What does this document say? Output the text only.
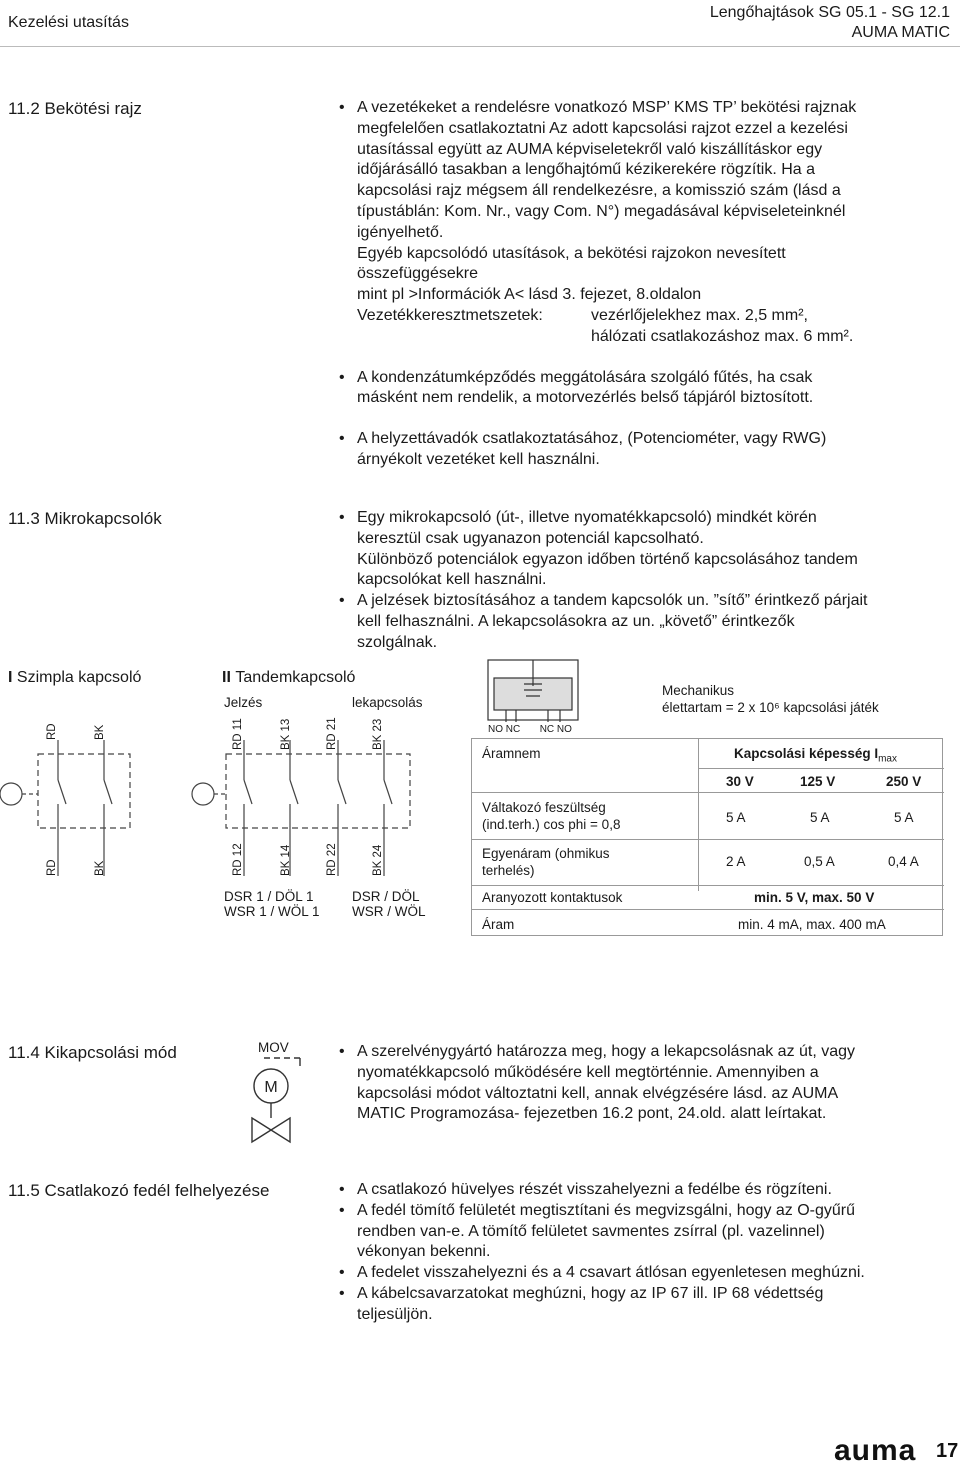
Kezelési utasítás
Lengőhajtások SG 05.1 - SG 12.1
AUMA MATIC
11.2 Bekötési rajz	• A vezetékeket a rendelésre vonatkozó MSP’ KMS TP’ bekötési rajznak
megfelelően csatlakoztatni Az adott kapcsolási rajzot ezzel a kezelési
utasítással együtt az AUMA képviseletekről való kiszállításkor egy
időjárásálló tasakban a lengőhajtómű kézikerekére rögzítik. Ha a
kapcsolási rajz mégsem áll rendelkezésre, a komisszió szám (lásd a
típustáblán: Kom. Nr., vagy Com. N°) megadásával képviseleteinknél
igényelhető.
Egyéb kapcsolódó utasítások, a bekötési rajzokon nevesített
összefüggésekre
mint pl >Információk A< lásd 3. fejezet, 8.oldalon
Vezetékkeresztmetszetek:	vezérlőjelekhez max. 2,5 mm²,
hálózati csatlakozáshoz max. 6 mm².
• A kondenzátumképződés meggátolására szolgáló fűtés, ha csak
másként nem rendelik, a motorvezérlés belső tápjáról biztosított.
• A helyzettávadók csatlakoztatásához, (Potenciométer, vagy RWG)
árnyékolt vezetéket kell használni.
11.3 Mikrokapcsolók	• Egy mikrokapcsoló (út-, illetve nyomatékkapcsoló) mindkét körén
keresztül csak ugyanazon potenciál kapcsolható.
Különböző potenciálok egyazon időben történő kapcsolásához tandem
kapcsolókat kell használni.
• A jelzések biztosításához a tandem kapcsolók un. ”sítő” érintkező párjait
kell felhasználni. A lekapcsolásokra az un. „követő” érintkezők
szolgálnak.
I Szimpla kapcsoló	II Tandemkapcsoló
Jelzés	lekapcsolás
RD	BK
RD	BK
RD 11	BK 13	RD 21	BK 23
RD 12	BK 14	RD 22	BK 24
DSR 1 / DÖL 1
WSR 1 / WÖL 1
DSR / DÖL
WSR / WÖL
NO NC NC NO
Mechanikus
élettartam = 2 x 10⁶ kapcsolási játék
Áramnem	Kapcsolási képesség $I_{max}$
30 V	125 V	250 V
Váltakozó feszültség
(ind.terh.) cos phi = 0,8	5 A	5 A	5 A
Egyenáram (ohmikus
terhelés)
2 A	0,5 A	0,4 A
Aranyozott kontaktusok	min. 5 V, max. 50 V
Áram	min. 4 mA, max. 400 mA
11.4 Kikapcsolási mód	MOV
M
• A szerelvénygyártó határozza meg, hogy a lekapcsolásnak az út, vagy
nyomatékkapcsoló működésére kell megtörténnie. Amennyiben a
kapcsolási módot változtatni kell, annak elvégzésére lásd. az AUMA
MATIC Programozása- fejezetben 16.2 pont, 24.old. alatt leírtakat.
11.5 Csatlakozó fedél felhelyezése	• A csatlakozó hüvelyes részét visszahelyezni a fedélbe és rögzíteni.
• A fedél tömítő felületét megtisztítani és megvizsgálni, hogy az O-gyűrű
rendben van-e. A tömítő felületet savmentes zsírral (pl. vazelinnel)
vékonyan bekenni.
• A fedelet visszahelyezni és a 4 csavart átlósan egyenletesen meghúzni.
• A kábelcsavarzatokat meghúzni, hogy az IP 67 ill. IP 68 védettség
teljesüljön.
auma 17
